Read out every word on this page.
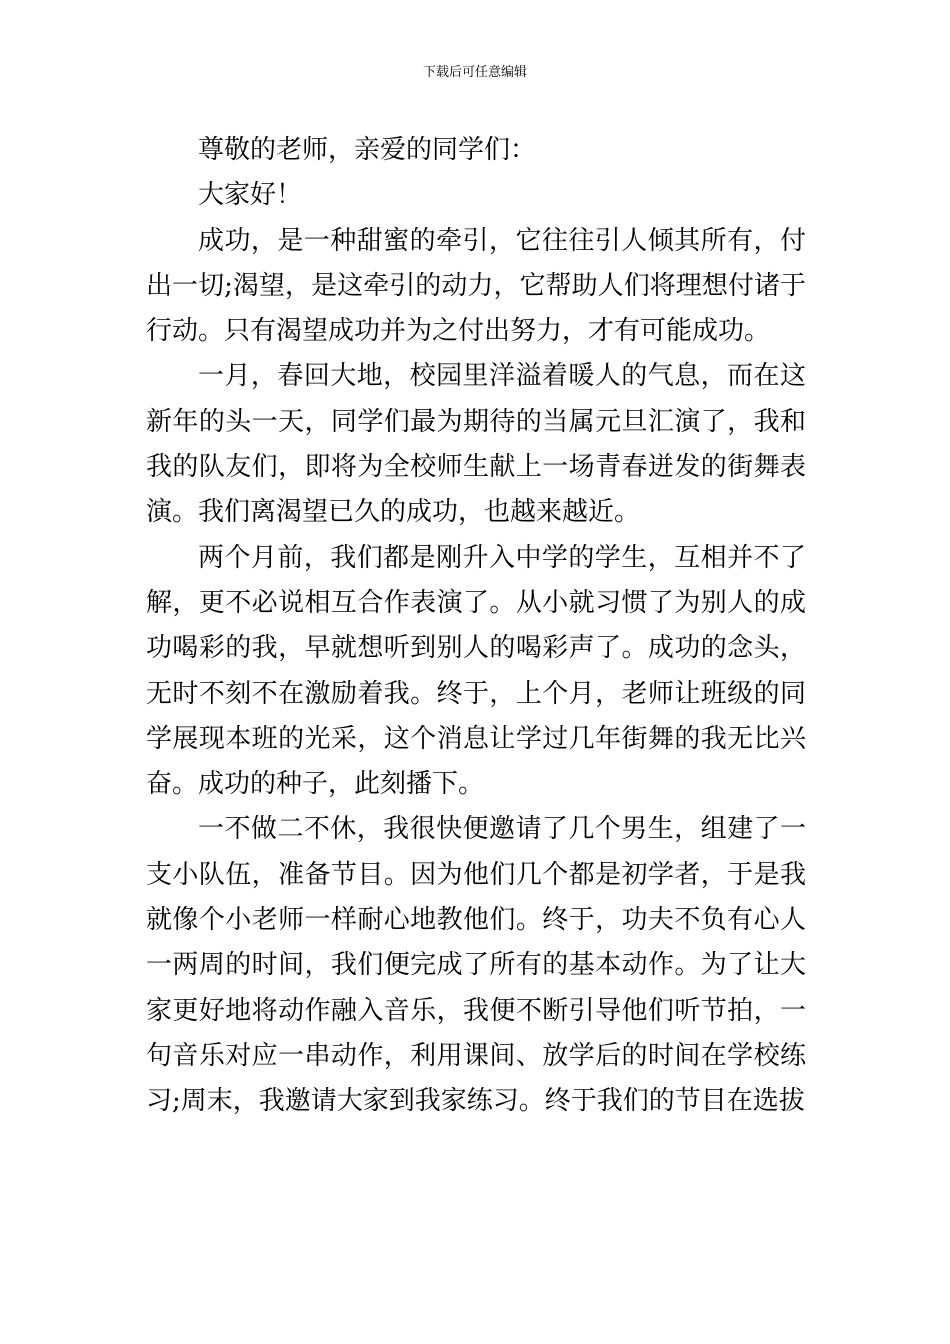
下载后可任意编辑

尊敬的老师，亲爱的同学们：

大家好！

成功，是一种甜蜜的牵引，它往往引人倾其所有，付出一切;渴望，是这牵引的动力，它帮助人们将理想付诸于行动。只有渴望成功并为之付出努力，才有可能成功。

一月，春回大地，校园里洋溢着暖人的气息，而在这新年的头一天，同学们最为期待的当属元旦汇演了，我和我的队友们，即将为全校师生献上一场青春迸发的街舞表演。我们离渴望已久的成功，也越来越近。

两个月前，我们都是刚升入中学的学生，互相并不了解，更不必说相互合作表演了。从小就习惯了为别人的成功喝彩的我，早就想听到别人的喝彩声了。成功的念头，无时不刻不在激励着我。终于，上个月，老师让班级的同学展现本班的光采，这个消息让学过几年街舞的我无比兴奋。成功的种子，此刻播下。

一不做二不休，我很快便邀请了几个男生，组建了一支小队伍，准备节目。因为他们几个都是初学者，于是我就像个小老师一样耐心地教他们。终于，功夫不负有心人一两周的时间，我们便完成了所有的基本动作。为了让大家更好地将动作融入音乐，我便不断引导他们听节拍，一句音乐对应一串动作，利用课间、放学后的时间在学校练习;周末，我邀请大家到我家练习。终于我们的节目在选拔
